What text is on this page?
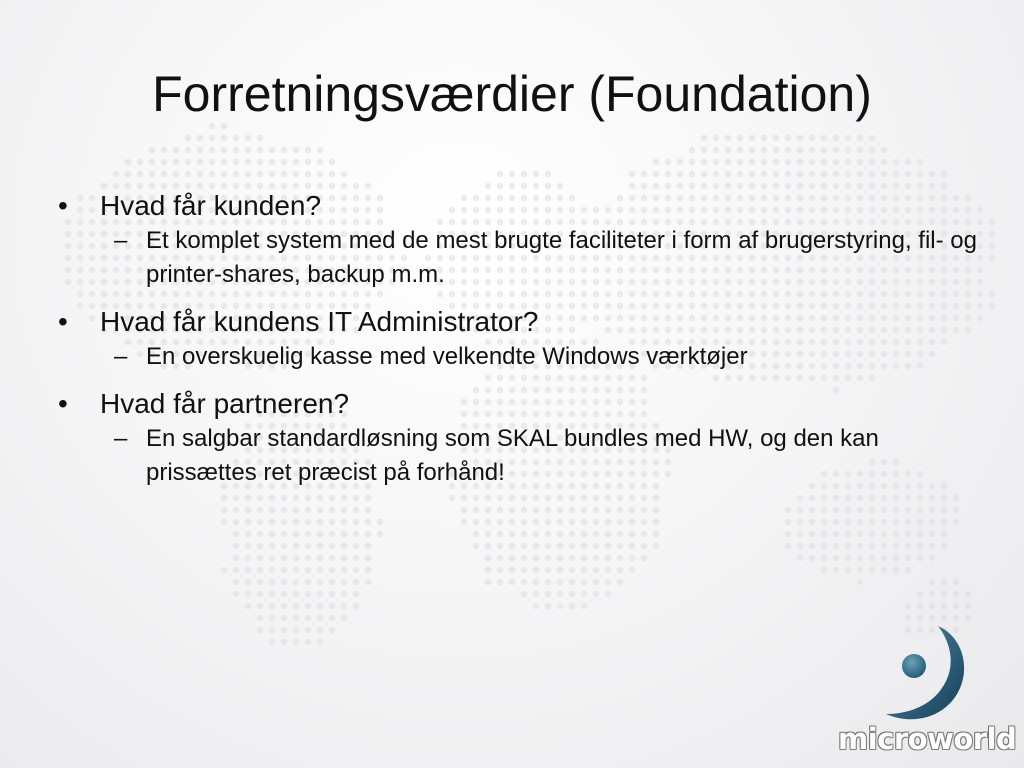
Forretningsværdier (Foundation)
•	Hvad får kunden?
– Et komplet system med de mest brugte faciliteter i form af brugerstyring, fil- og printer-shares, backup m.m.
•	Hvad får kundens IT Administrator?
– En overskuelig kasse med velkendte Windows værktøjer
•	Hvad får partneren?
– En salgbar standardløsning som SKAL bundles med HW, og den kan prissættes ret præcist på forhånd!
microworld
